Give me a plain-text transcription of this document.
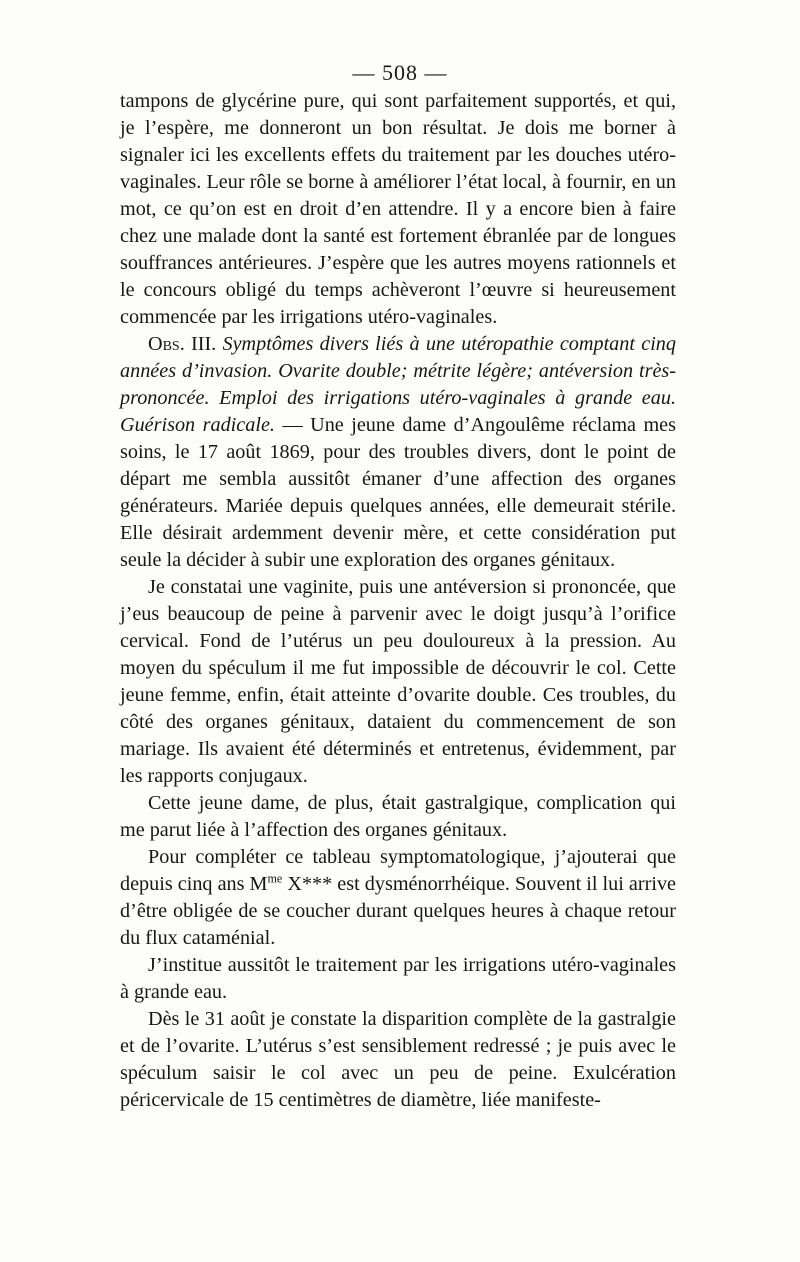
— 508 —

tampons de glycérine pure, qui sont parfaitement supportés, et qui, je l’espère, me donneront un bon résultat. Je dois me borner à signaler ici les excellents effets du traitement par les douches utéro-vaginales. Leur rôle se borne à améliorer l’état local, à fournir, en un mot, ce qu’on est en droit d’en attendre. Il y a encore bien à faire chez une malade dont la santé est fortement ébranlée par de longues souffrances antérieures. J’espère que les autres moyens rationnels et le concours obligé du temps achèveront l’œuvre si heureusement commencée par les irrigations utéro-vaginales.

Obs. III. Symptômes divers liés à une utéropathie comptant cinq années d’invasion. Ovarite double; métrite légère; antéversion très-prononcée. Emploi des irrigations utéro-vaginales à grande eau. Guérison radicale. — Une jeune dame d’Angoulême réclama mes soins, le 17 août 1869, pour des troubles divers, dont le point de départ me sembla aussitôt émaner d’une affection des organes générateurs. Mariée depuis quelques années, elle demeurait stérile. Elle désirait ardemment devenir mère, et cette considération put seule la décider à subir une exploration des organes génitaux.

Je constatai une vaginite, puis une antéversion si prononcée, que j’eus beaucoup de peine à parvenir avec le doigt jusqu’à l’orifice cervical. Fond de l’utérus un peu douloureux à la pression. Au moyen du spéculum il me fut impossible de découvrir le col. Cette jeune femme, enfin, était atteinte d’ovarite double. Ces troubles, du côté des organes génitaux, dataient du commencement de son mariage. Ils avaient été déterminés et entretenus, évidemment, par les rapports conjugaux.

Cette jeune dame, de plus, était gastralgique, complication qui me parut liée à l’affection des organes génitaux.

Pour compléter ce tableau symptomatologique, j’ajouterai que depuis cinq ans $M^{me}$ X*** est dysménorrhéique. Souvent il lui arrive d’être obligée de se coucher durant quelques heures à chaque retour du flux cataménial.

J’institue aussitôt le traitement par les irrigations utéro-vaginales à grande eau.

Dès le 31 août je constate la disparition complète de la gastralgie et de l’ovarite. L’utérus s’est sensiblement redressé ; je puis avec le spéculum saisir le col avec un peu de peine. Exulcération péricervicale de 15 centimètres de diamètre, liée manifeste-
